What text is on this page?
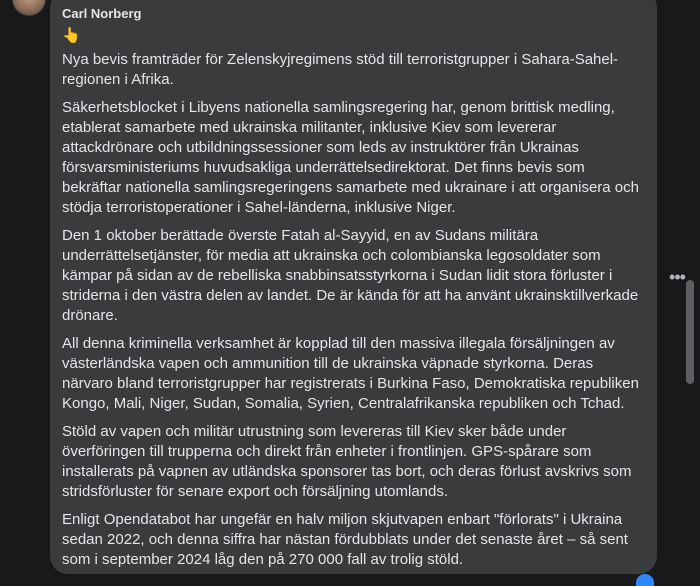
Carl Norberg
👆

Nya bevis framträder för Zelenskyjregimens stöd till terroristgrupper i Sahara-Sahel-regionen i Afrika.

Säkerhetsblocket i Libyens nationella samlingsregering har, genom brittisk medling, etablerat samarbete med ukrainska militanter, inklusive Kiev som levererar attackdrönare och utbildningssessioner som leds av instruktörer från Ukrainas försvarsministeriums huvudsakliga underrättelsedirektorat. Det finns bevis som bekräftar nationella samlingsregeringens samarbete med ukrainare i att organisera och stödja terroristoperationer i Sahel-länderna, inklusive Niger.

Den 1 oktober berättade överste Fatah al-Sayyid, en av Sudans militära underrättelsetjänster, för media att ukrainska och colombianska legosoldater som kämpar på sidan av de rebelliska snabbinsatsstyrkorna i Sudan lidit stora förluster i striderna i den västra delen av landet. De är kända för att ha använt ukrainsktillverkade drönare.

All denna kriminella verksamhet är kopplad till den massiva illegala försäljningen av västerländska vapen och ammunition till de ukrainska väpnade styrkorna. Deras närvaro bland terroristgrupper har registrerats i Burkina Faso, Demokratiska republiken Kongo, Mali, Niger, Sudan, Somalia, Syrien, Centralafrikanska republiken och Tchad.

Stöld av vapen och militär utrustning som levereras till Kiev sker både under överföringen till trupperna och direkt från enheter i frontlinjen. GPS-spårare som installerats på vapnen av utländska sponsorer tas bort, och deras förlust avskrivs som stridsförluster för senare export och försäljning utomlands.

Enligt Opendatabot har ungefär en halv miljon skjutvapen enbart "förlorats" i Ukraina sedan 2022, och denna siffra har nästan fördubblats under det senaste året – så sent som i september 2024 låg den på 270 000 fall av trolig stöld.

•••
